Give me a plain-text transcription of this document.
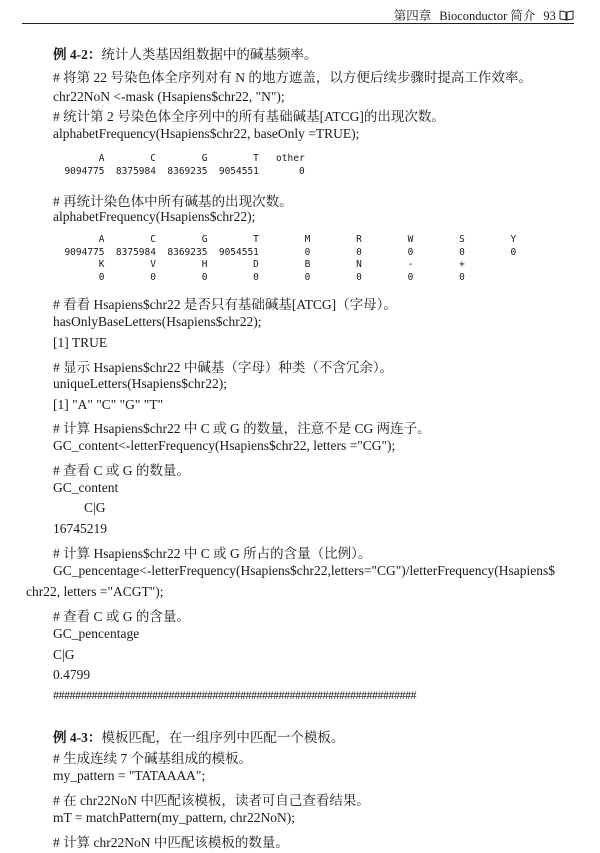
第四章 Bioconductor 简介 93
例 4-2：统计人类基因组数据中的碱基频率。
# 将第 22 号染色体全序列对有 N 的地方遮盖，以方便后续步骤时提高工作效率。
chr22NoN <-mask (Hsapiens$chr22, "N");
# 统计第 2 号染色体全序列中的所有基础碱基[ATCG]的出现次数。
alphabetFrequency(Hsapiens$chr22, baseOnly =TRUE);
A        C        G        T   other
9094775  8375984  8369235  9054551       0
# 再统计染色体中所有碱基的出现次数。
alphabetFrequency(Hsapiens$chr22);
A        C        G        T        M        R        W        S        Y
9094775  8375984  8369235  9054551        0        0        0        0        0
K        V        H        D        B        N        -        +
0        0        0        0        0        0        0        0
# 看看 Hsapiens$chr22 是否只有基础碱基[ATCG]（字母）。
hasOnlyBaseLetters(Hsapiens$chr22);
[1] TRUE
# 显示 Hsapiens$chr22 中碱基（字母）种类（不含冗余）。
uniqueLetters(Hsapiens$chr22);
[1] "A" "C" "G" "T"
# 计算 Hsapiens$chr22 中 C 或 G 的数量，注意不是 CG 两连子。
GC_content<-letterFrequency(Hsapiens$chr22, letters ="CG");
# 查看 C 或 G 的数量。
GC_content
C|G
16745219
# 计算 Hsapiens$chr22 中 C 或 G 所占的含量（比例）。
GC_pencentage<-letterFrequency(Hsapiens$chr22,letters="CG")/letterFrequency(Hsapiens$
chr22, letters ="ACGT");
# 查看 C 或 G 的含量。
GC_pencentage
C|G
0.4799
##################################################################
例 4-3：模板匹配，在一组序列中匹配一个模板。
# 生成连续 7 个碱基组成的模板。
my_pattern = "TATAAAA";
# 在 chr22NoN 中匹配该模板，读者可自己查看结果。
mT = matchPattern(my_pattern, chr22NoN);
# 计算 chr22NoN 中匹配该模板的数量。
